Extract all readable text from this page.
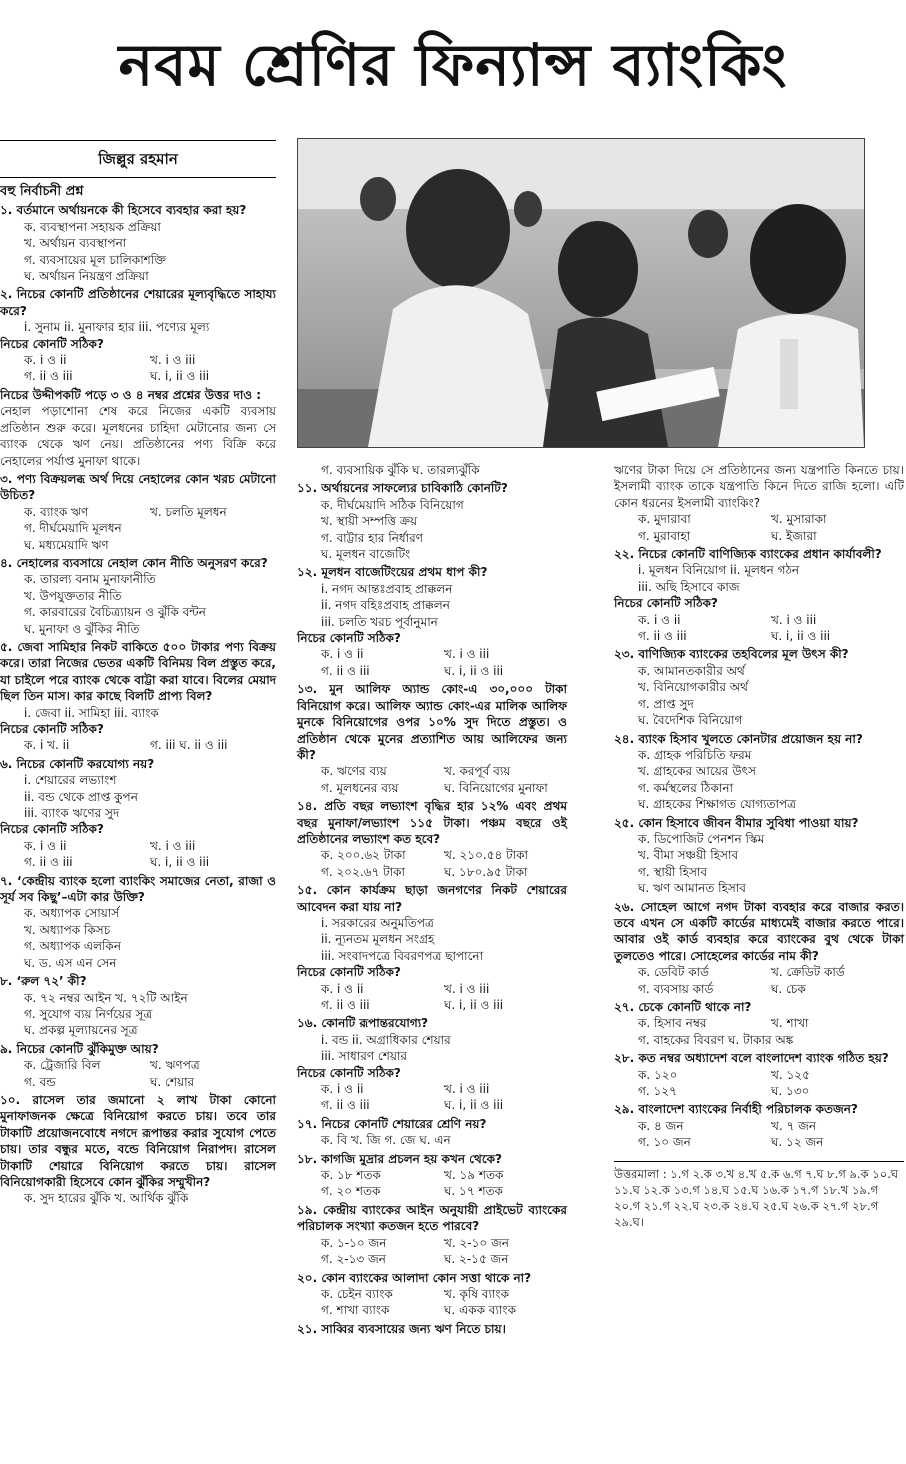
নবম শ্রেণির ফিন্যান্স ব্যাংকিং
জিল্লুর রহমান
বহু নির্বাচনী প্রশ্ন
১. বর্তমানে অর্থায়নকে কী হিসেবে ব্যবহার করা হয়?
ক. ব্যবস্থাপনা সহায়ক প্রক্রিয়া
খ. অর্থায়ন ব্যবস্থাপনা
গ. ব্যবসায়ের মূল চালিকাশক্তি
ঘ. অর্থায়ন নিয়ন্ত্রণ প্রক্রিয়া
২. নিচের কোনটি প্রতিষ্ঠানের শেয়ারের মূল্যবৃদ্ধিতে সাহায্য করে?
i. সুনাম ii. মুনাফার হার iii. পণ্যের মূল্য
নিচের কোনটি সঠিক?
ক. i ও ii	খ. i ও iii
গ. ii ও iii	ঘ. i, ii ও iii
নিচের উদ্দীপকটি পড়ে ৩ ও ৪ নম্বর প্রশ্নের উত্তর দাও :
নেহাল পড়াশোনা শেষ করে নিজের একটি ব্যবসায় প্রতিষ্ঠান শুরু করে। মূলধনের চাহিদা মেটানোর জন্য সে ব্যাংক থেকে ঋণ নেয়। প্রতিষ্ঠানের পণ্য বিক্রি করে নেহালের পর্যাপ্ত মুনাফা থাকে।
৩. পণ্য বিক্রয়লব্ধ অর্থ দিয়ে নেহালের কোন খরচ মেটানো উচিত?
ক. ব্যাংক ঋণ	খ. চলতি মূলধন
গ. দীর্ঘমেয়াদি মূলধন
ঘ. মধ্যমেয়াদি ঋণ
৪. নেহালের ব্যবসায়ে নেহাল কোন নীতি অনুসরণ করে?
ক. তারল্য বনাম মুনাফানীতি
খ. উপযুক্ততার নীতি
গ. কারবারের বৈচিত্র্যায়ন ও ঝুঁকি বন্টন
ঘ. মুনাফা ও ঝুঁকির নীতি
৫. জেবা সামিহার নিকট বাকিতে ৫০০ টাকার পণ্য বিক্রয় করে। তারা নিজের ভেতর একটি বিনিময় বিল প্রস্তুত করে, যা চাইলে পরে ব্যাংক থেকে বাট্টা করা যাবে। বিলের মেয়াদ ছিল তিন মাস। কার কাছে বিলটি প্রাপ্য বিল?
i. জেবা ii. সামিহা iii. ব্যাংক
নিচের কোনটি সঠিক?
ক. i খ. ii	গ. iii ঘ. ii ও iii
৬. নিচের কোনটি করযোগ্য নয়?
i. শেয়ারের লভ্যাংশ
ii. বন্ড থেকে প্রাপ্ত কুপন
iii. ব্যাংক ঋণের সুদ
নিচের কোনটি সঠিক?
ক. i ও ii	খ. i ও iii
গ. ii ও iii	ঘ. i, ii ও iii
৭. ‘কেন্দ্রীয় ব্যাংক হলো ব্যাংকিং সমাজের নেতা, রাজা ও সূর্য সব কিছু’–এটা কার উক্তি?
ক. অধ্যাপক সোয়ার্স
খ. অধ্যাপক কিসচ
গ. অধ্যাপক এলকিন
ঘ. ড. এস এন সেন
৮. ‘রুল ৭২’ কী?
ক. ৭২ নম্বর আইন খ. ৭২টি আইন
গ. সুযোগ ব্যয় নির্ণয়ের সূত্র
ঘ. প্রকল্প মূল্যায়নের সূত্র
৯. নিচের কোনটি ঝুঁকিমুক্ত আয়?
ক. ট্রেজারি বিল	খ. ঋণপত্র
গ. বন্ড	ঘ. শেয়ার
১০. রাসেল তার জমানো ২ লাখ টাকা কোনো মুনাফাজনক ক্ষেত্রে বিনিয়োগ করতে চায়। তবে তার টাকাটি প্রয়োজনবোধে নগদে রূপান্তর করার সুযোগ পেতে চায়। তার বন্ধুর মতে, বন্ডে বিনিয়োগ নিরাপদ। রাসেল টাকাটি শেয়ারে বিনিয়োগ করতে চায়। রাসেল বিনিয়োগকারী হিসেবে কোন ঝুঁকির সম্মুখীন?
ক. সুদ হারের ঝুঁকি খ. আর্থিক ঝুঁকি
গ. ব্যবসায়িক ঝুঁকি ঘ. তারল্যঝুঁকি
১১. অর্থায়নের সাফল্যের চাবিকাঠি কোনটি?
ক. দীর্ঘমেয়াদি সঠিক বিনিয়োগ
খ. স্থায়ী সম্পত্তি ক্রয়
গ. বাট্টার হার নির্ধারণ
ঘ. মূলধন বাজেটিং
১২. মূলধন বাজেটিংয়ের প্রথম ধাপ কী?
i. নগদ আন্তঃপ্রবাহ প্রাক্কলন
ii. নগদ বহিঃপ্রবাহ প্রাক্কলন
iii. চলতি খরচ পূর্বানুমান
নিচের কোনটি সঠিক?
ক. i ও ii	খ. i ও iii
গ. ii ও iii	ঘ. i, ii ও iii
১৩. মুন আলিফ অ্যান্ড কোং-এ ৩০,০০০ টাকা বিনিয়োগ করে। আলিফ অ্যান্ড কোং-এর মালিক আলিফ মুনকে বিনিয়োগের ওপর ১০% সুদ দিতে প্রস্তুত। ও প্রতিষ্ঠান থেকে মুনের প্রত্যাশিত আয় আলিফের জন্য কী?
ক. ঋণের ব্যয়	খ. করপূর্ব ব্যয়
গ. মূলধনের ব্যয়	ঘ. বিনিয়োগের মুনাফা
১৪. প্রতি বছর লভ্যাংশ বৃদ্ধির হার ১২% এবং প্রথম বছর মুনাফা/লভ্যাংশ ১১৫ টাকা। পঞ্চম বছরে ওই প্রতিষ্ঠানের লভ্যাংশ কত হবে?
ক. ২০০.৬২ টাকা	খ. ২১০.৫৪ টাকা
গ. ২০২.৬৭ টাকা	ঘ. ১৮০.৯৫ টাকা
১৫. কোন কার্যক্রম ছাড়া জনগণের নিকট শেয়ারের আবেদন করা যায় না?
i. সরকারের অনুমতিপত্র
ii. ন্যূনতম মূলধন সংগ্রহ
iii. সংবাদপত্রে বিবরণপত্র ছাপানো
নিচের কোনটি সঠিক?
ক. i ও ii	খ. i ও iii
গ. ii ও iii	ঘ. i, ii ও iii
১৬. কোনটি রূপান্তরযোগ্য?
i. বন্ড ii. অগ্রাধিকার শেয়ার
iii. সাধারণ শেয়ার
নিচের কোনটি সঠিক?
ক. i ও ii	খ. i ও iii
গ. ii ও iii	ঘ. i, ii ও iii
১৭. নিচের কোনটি শেয়ারের শ্রেণি নয়?
ক. বি খ. জি গ. জে ঘ. এন
১৮. কাগজি মুদ্রার প্রচলন হয় কখন থেকে?
ক. ১৮ শতক	খ. ১৯ শতক
গ. ২০ শতক	ঘ. ১৭ শতক
১৯. কেন্দ্রীয় ব্যাংকের আইন অনুযায়ী প্রাইভেট ব্যাংকের পরিচালক সংখ্যা কতজন হতে পারবে?
ক. ১-১০ জন	খ. ২-১০ জন
গ. ২-১৩ জন	ঘ. ২-১৫ জন
২০. কোন ব্যাংকের আলাদা কোন সত্তা থাকে না?
ক. চেইন ব্যাংক	খ. কৃষি ব্যাংক
গ. শাখা ব্যাংক	ঘ. একক ব্যাংক
২১. সাব্বির ব্যবসায়ের জন্য ঋণ নিতে চায়।
ঋণের টাকা দিয়ে সে প্রতিষ্ঠানের জন্য যন্ত্রপাতি কিনতে চায়। ইসলামী ব্যাংক তাকে যন্ত্রপাতি কিনে দিতে রাজি হলো। এটি কোন ধরনের ইসলামী ব্যাংকিং?
ক. মুদারাবা	খ. মুসারাকা
গ. মুরাবাহা	ঘ. ইজারা
২২. নিচের কোনটি বাণিজ্যিক ব্যাংকের প্রধান কার্যাবলী?
i. মূলধন বিনিয়োগ ii. মূলধন গঠন
iii. অছি হিসাবে কাজ
নিচের কোনটি সঠিক?
ক. i ও ii	খ. i ও iii
গ. ii ও iii	ঘ. i, ii ও iii
২৩. বাণিজ্যিক ব্যাংকের তহবিলের মূল উৎস কী?
ক. আমানতকারীর অর্থ
খ. বিনিয়োগকারীর অর্থ
গ. প্রাপ্ত সুদ
ঘ. বৈদেশিক বিনিয়োগ
২৪. ব্যাংক হিসাব খুলতে কোনটার প্রয়োজন হয় না?
ক. গ্রাহক পরিচিতি ফরম
খ. গ্রাহকের আয়ের উৎস
গ. কর্মস্থলের ঠিকানা
ঘ. গ্রাহকের শিক্ষাগত যোগ্যতাপত্র
২৫. কোন হিসাবে জীবন বীমার সুবিধা পাওয়া যায়?
ক. ডিপোজিট পেনশন স্কিম
খ. বীমা সঞ্চয়ী হিসাব
গ. স্থায়ী হিসাব
ঘ. ঋণ আমানত হিসাব
২৬. সোহেল আগে নগদ টাকা ব্যবহার করে বাজার করত। তবে এখন সে একটি কার্ডের মাধ্যমেই বাজার করতে পারে। আবার ওই কার্ড ব্যবহার করে ব্যাংকের বুথ থেকে টাকা তুলতেও পারে। সোহেলের কার্ডের নাম কী?
ক. ডেবিট কার্ড	খ. ক্রেডিট কার্ড
গ. ব্যবসায় কার্ড	ঘ. চেক
২৭. চেকে কোনটি থাকে না?
ক. হিসাব নম্বর	খ. শাখা
গ. বাহকের বিবরণ ঘ. টাকার অঙ্ক
২৮. কত নম্বর অধ্যাদেশ বলে বাংলাদেশ ব্যাংক গঠিত হয়?
ক. ১২০	খ. ১২৫
গ. ১২৭	ঘ. ১৩০
২৯. বাংলাদেশ ব্যাংকের নির্বাহী পরিচালক কতজন?
ক. ৪ জন	খ. ৭ জন
গ. ১০ জন	ঘ. ১২ জন
উত্তরমালা : ১.গ ২.ক ৩.খ ৪.খ ৫.ক ৬.গ ৭.ঘ ৮.গ ৯.ক ১০.ঘ ১১.ঘ ১২.ক ১৩.গ ১৪.ঘ ১৫.ঘ ১৬.ক ১৭.গ ১৮.খ ১৯.গ ২০.গ ২১.গ ২২.ঘ ২৩.ক ২৪.ঘ ২৫.ঘ ২৬.ক ২৭.গ ২৮.গ ২৯.ঘ।
